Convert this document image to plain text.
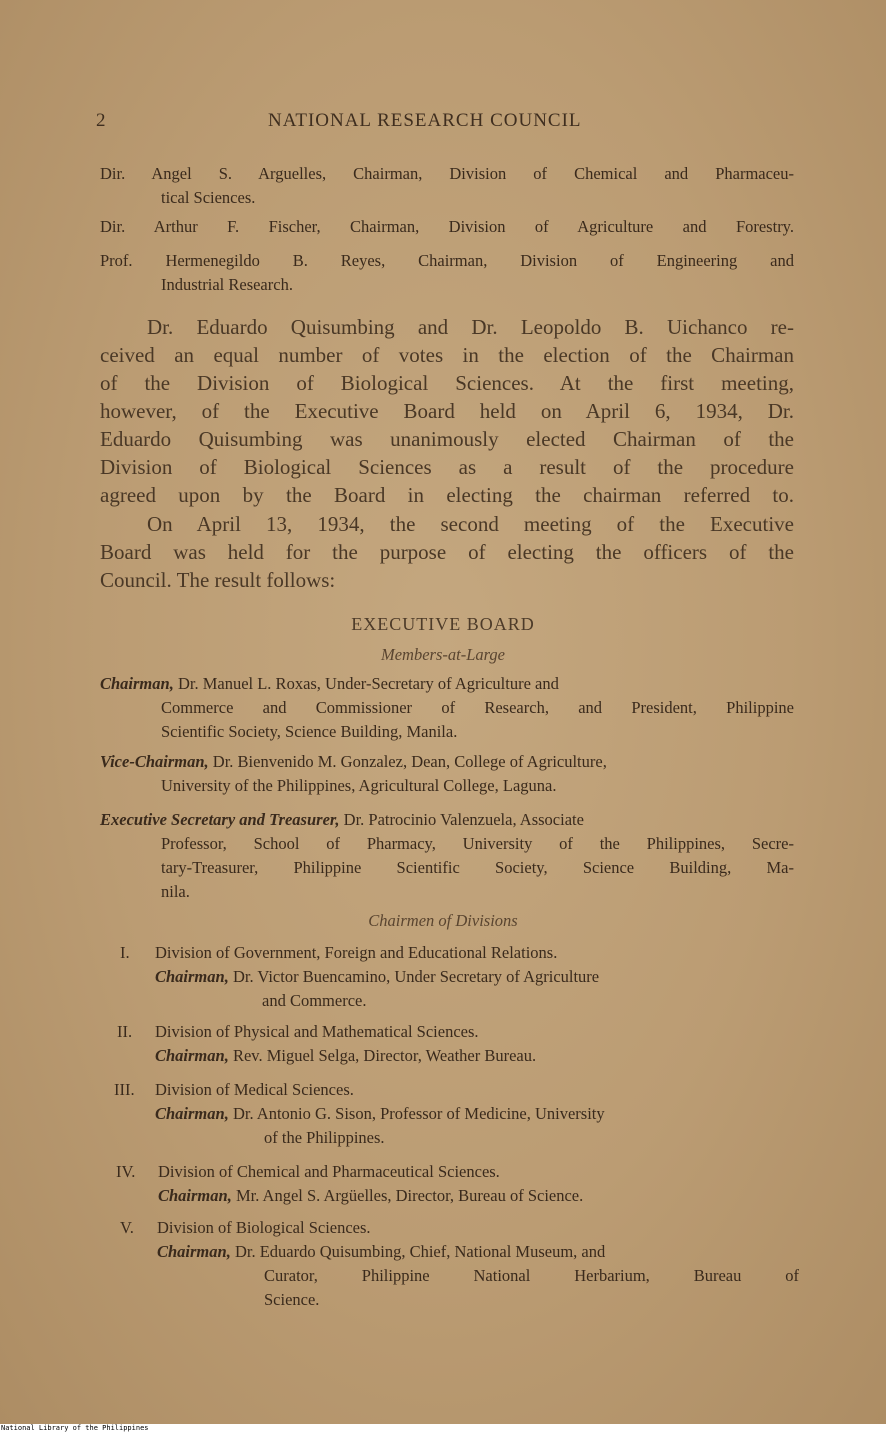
2	NATIONAL RESEARCH COUNCIL
Dir. Angel S. Arguelles, Chairman, Division of Chemical and Pharmaceu-
tical Sciences.
Dir. Arthur F. Fischer, Chairman, Division of Agriculture and Forestry.
Prof. Hermenegildo B. Reyes, Chairman, Division of Engineering and
Industrial Research.
Dr. Eduardo Quisumbing and Dr. Leopoldo B. Uichanco re-
ceived an equal number of votes in the election of the Chairman
of the Division of Biological Sciences. At the first meeting,
however, of the Executive Board held on April 6, 1934, Dr.
Eduardo Quisumbing was unanimously elected Chairman of the
Division of Biological Sciences as a result of the procedure
agreed upon by the Board in electing the chairman referred to.
On April 13, 1934, the second meeting of the Executive
Board was held for the purpose of electing the officers of the
Council. The result follows:
EXECUTIVE BOARD
Members-at-Large
Chairman, Dr. Manuel L. Roxas, Under-Secretary of Agriculture and
Commerce and Commissioner of Research, and President, Philippine
Scientific Society, Science Building, Manila.
Vice-Chairman, Dr. Bienvenido M. Gonzalez, Dean, College of Agriculture,
University of the Philippines, Agricultural College, Laguna.
Executive Secretary and Treasurer, Dr. Patrocinio Valenzuela, Associate
Professor, School of Pharmacy, University of the Philippines, Secre-
tary-Treasurer, Philippine Scientific Society, Science Building, Ma-
nila.
Chairmen of Divisions
I. Division of Government, Foreign and Educational Relations.
Chairman, Dr. Victor Buencamino, Under Secretary of Agriculture
and Commerce.
II. Division of Physical and Mathematical Sciences.
Chairman, Rev. Miguel Selga, Director, Weather Bureau.
III. Division of Medical Sciences.
Chairman, Dr. Antonio G. Sison, Professor of Medicine, University
of the Philippines.
IV. Division of Chemical and Pharmaceutical Sciences.
Chairman, Mr. Angel S. Argüelles, Director, Bureau of Science.
V. Division of Biological Sciences.
Chairman, Dr. Eduardo Quisumbing, Chief, National Museum, and
Curator, Philippine National Herbarium, Bureau of
Science.
National Library of the Philippines
